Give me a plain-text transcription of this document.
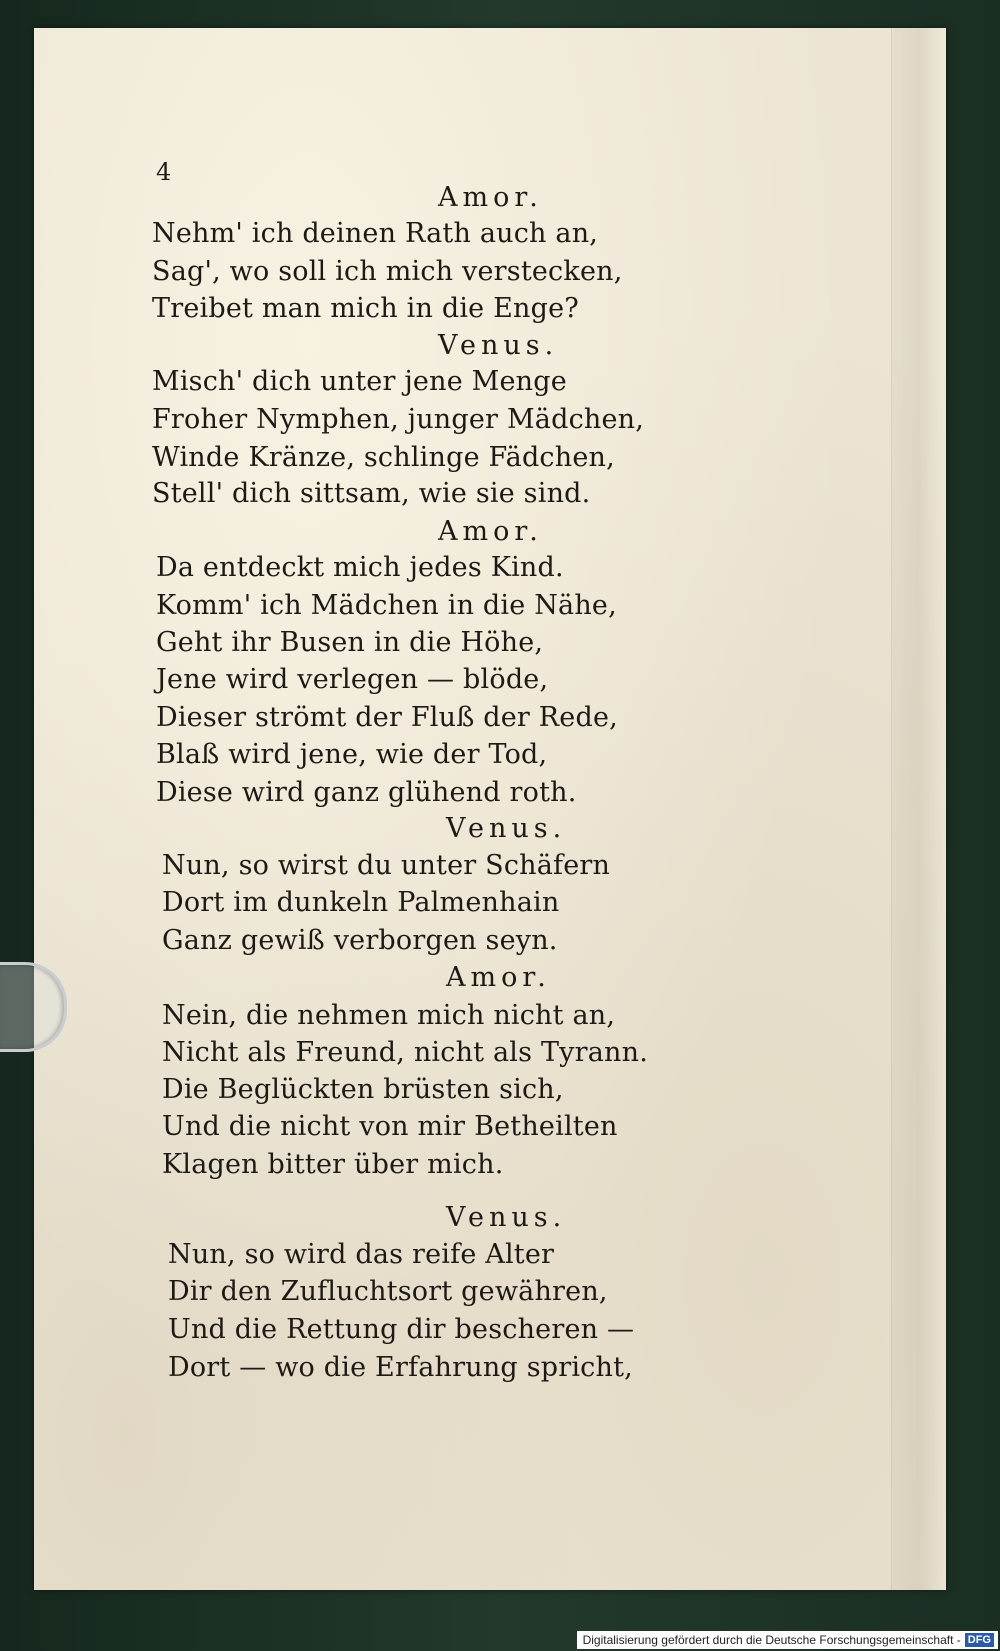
4
Amor.
Nehm' ich deinen Rath auch an,
Sag', wo soll ich mich verstecken,
Treibet man mich in die Enge?
Venus.
Misch' dich unter jene Menge
Froher Nymphen, junger Mädchen,
Winde Kränze, schlinge Fädchen,
Stell' dich sittsam, wie sie sind.
Amor.
Da entdeckt mich jedes Kind.
Komm' ich Mädchen in die Nähe,
Geht ihr Busen in die Höhe,
Jene wird verlegen — blöde,
Dieser strömt der Fluß der Rede,
Blaß wird jene, wie der Tod,
Diese wird ganz glühend roth.
Venus.
Nun, so wirst du unter Schäfern
Dort im dunkeln Palmenhain
Ganz gewiß verborgen seyn.
Amor.
Nein, die nehmen mich nicht an,
Nicht als Freund, nicht als Tyrann.
Die Beglückten brüsten sich,
Und die nicht von mir Betheilten
Klagen bitter über mich.
Venus.
Nun, so wird das reife Alter
Dir den Zufluchtsort gewähren,
Und die Rettung dir bescheren —
Dort — wo die Erfahrung spricht,
Digitalisierung gefördert durch die Deutsche Forschungsgemeinschaft - DFG
